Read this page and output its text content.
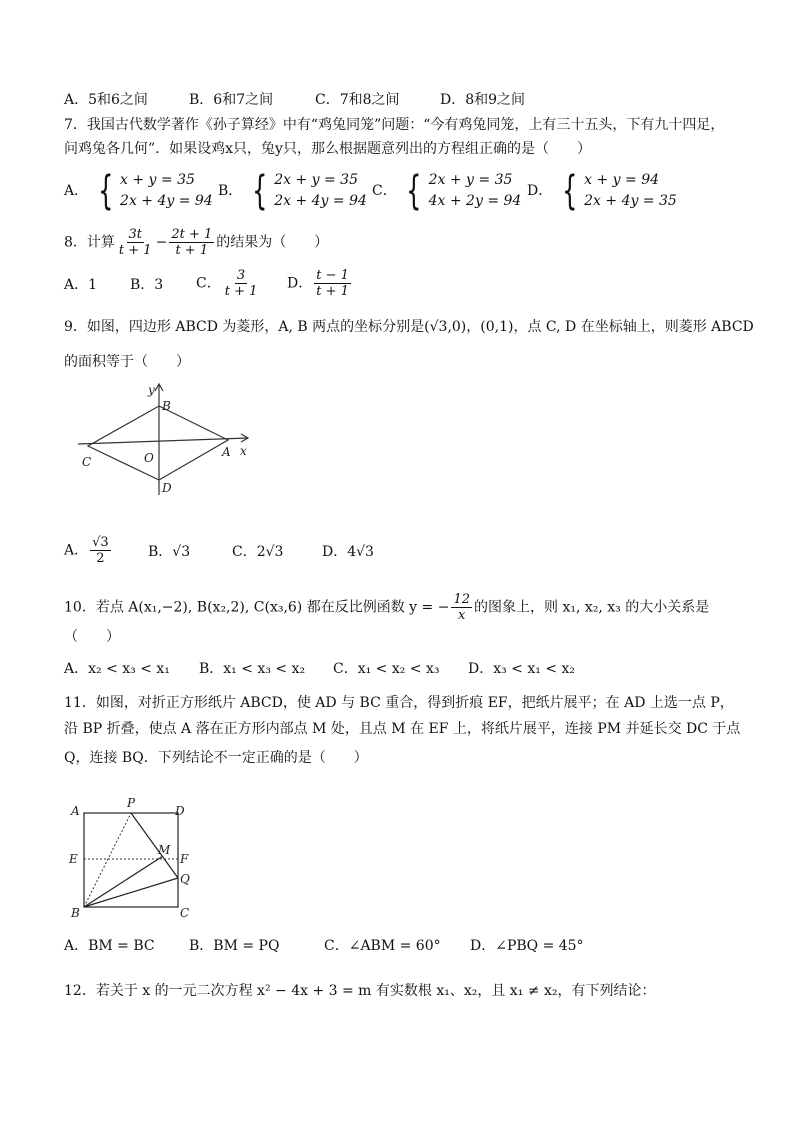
A．5和6之间	B．6和7之间	C．7和8之间	D．8和9之间
7．我国古代数学著作《孙子算经》中有“鸡兔同笼”问题：“今有鸡兔同笼，上有三十五头，下有九十四足，
问鸡兔各几何”．如果设鸡x只，兔y只，那么根据题意列出的方程组正确的是（　　）
A． { x + y = 35
2x + 4y = 94
B． { 2x + y = 35
2x + 4y = 94
C． { 2x + y = 35
4x + 2y = 94
D． { x + y = 94
2x + 4y = 35
8．计算 $\frac{3t}{t + 1} - \frac{2t + 1}{t + 1}$ 的结果为（　　）
A．1 B．3 C． $\frac{3}{t + 1}$ D． $\frac{t - 1}{t + 1}$
9．如图，四边形 ABCD 为菱形，A, B 两点的坐标分别是(√3,0)，(0,1)，点 C, D 在坐标轴上，则菱形 ABCD
的面积等于（　　）
y
x
B
C	O	A
D
A． $\frac{√3}{2}$	B．√3	C．2√3	D．4√3
10．若点 A(x₁,−2), B(x₂,2), C(x₃,6) 都在反比例函数 y = − $\frac{12}{x}$ 的图象上，则 x₁, x₂, x₃ 的大小关系是
（　　）
A．x₂ < x₃ < x₁ B．x₁ < x₃ < x₂ C．x₁ < x₂ < x₃ D．x₃ < x₁ < x₂
11．如图，对折正方形纸片 ABCD，使 AD 与 BC 重合，得到折痕 EF，把纸片展平；在 AD 上选一点 P，
沿 BP 折叠，使点 A 落在正方形内部点 M 处，且点 M 在 EF 上，将纸片展平，连接 PM 并延长交 DC 于点
Q，连接 BQ．下列结论不一定正确的是（　　）
A
P
D
E
M
F
Q
B	C
A．BM = BC B．BM = PQ	C．∠ABM = 60° D．∠PBQ = 45°
12．若关于 x 的一元二次方程 x² − 4x + 3 = m 有实数根 x₁、x₂，且 x₁ ≠ x₂，有下列结论：
